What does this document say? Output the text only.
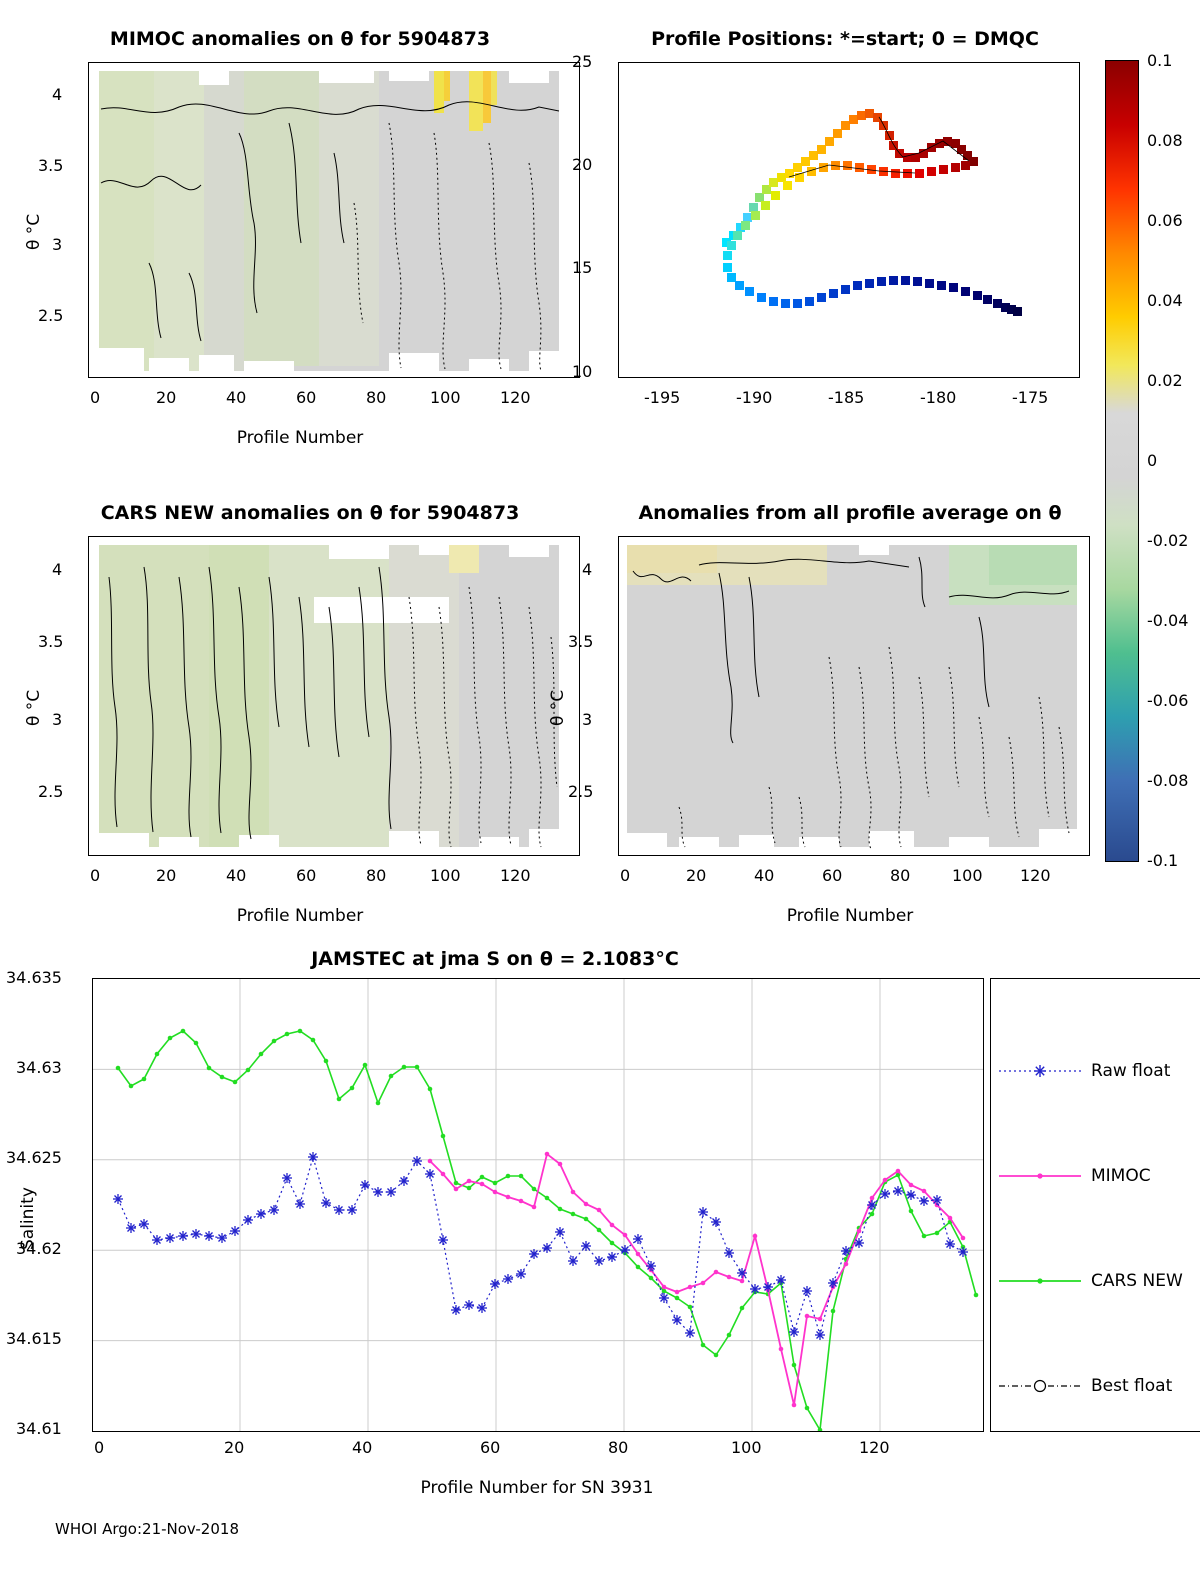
MIMOC anomalies on θ for 5904873
4
3.5
3
2.5
0	20	40	60	80	100 120
Profile Number
θ °C
Profile Positions: *=start; 0 = DMQC
25
20
15
10
-195	-190	-185	-180	-175
0.1
0.08
0.06
0.04
0.02
0
-0.02
-0.04
-0.06
-0.08
-0.1
CARS NEW anomalies on θ for 5904873
4
3.5
3
2.5
0	20	40	60	80	100 120
Profile Number
θ °C
Anomalies from all profile average on θ
4
3.5
3
2.5
0	20	40	60	80	100 120
Profile Number
θ °C
JAMSTEC at jma S on θ = 2.1083°C
34.635
34.63
34.625
34.62
34.615
34.61
0	20	40	60	80	100	120
Profile Number for SN 3931
Salinity
Raw float
MIMOC
CARS NEW
Best float
WHOI Argo:21-Nov-2018
